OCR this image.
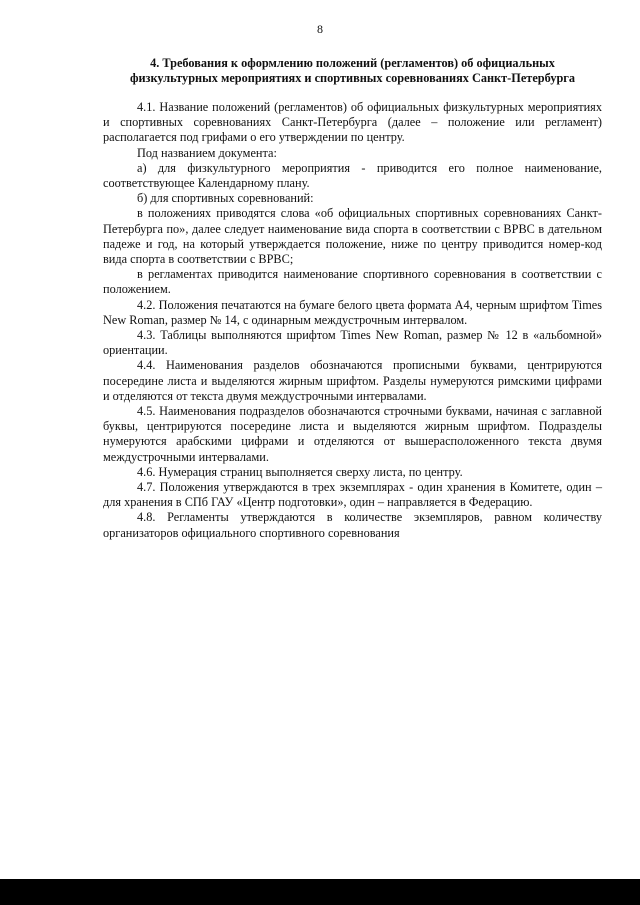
8
4. Требования к оформлению положений (регламентов) об официальных
физкультурных мероприятиях и спортивных соревнованиях Санкт-Петербурга

4.1. Название положений (регламентов) об официальных физкультурных мероприятиях и спортивных соревнованиях Санкт-Петербурга (далее – положение или регламент) располагается под грифами о его утверждении по центру.

Под названием документа:

а) для физкультурного мероприятия - приводится его полное наименование, соответствующее Календарному плану.

б) для спортивных соревнований:

в положениях приводятся слова «об официальных спортивных соревнованиях Санкт-Петербурга по», далее следует наименование вида спорта в соответствии с ВРВС в дательном падеже и год, на который утверждается положение, ниже по центру приводится номер-код вида спорта в соответствии с ВРВС;

в регламентах приводится наименование спортивного соревнования в соответствии с положением.

4.2. Положения печатаются на бумаге белого цвета формата А4, черным шрифтом Times New Roman, размер № 14, с одинарным междустрочным интервалом.

4.3. Таблицы выполняются шрифтом Times New Roman, размер № 12 в «альбомной» ориентации.

4.4. Наименования разделов обозначаются прописными буквами, центрируются посередине листа и выделяются жирным шрифтом. Разделы нумеруются римскими цифрами и отделяются от текста двумя междустрочными интервалами.

4.5. Наименования подразделов обозначаются строчными буквами, начиная с заглавной буквы, центрируются посередине листа и выделяются жирным шрифтом. Подразделы нумеруются арабскими цифрами и отделяются от вышерасположенного текста двумя междустрочными интервалами.

4.6. Нумерация страниц выполняется сверху листа, по центру.

4.7. Положения утверждаются в трех экземплярах - один хранения в Комитете, один – для хранения в СПб ГАУ «Центр подготовки», один – направляется в Федерацию.

4.8. Регламенты утверждаются в количестве экземпляров, равном количеству организаторов официального спортивного соревнования
